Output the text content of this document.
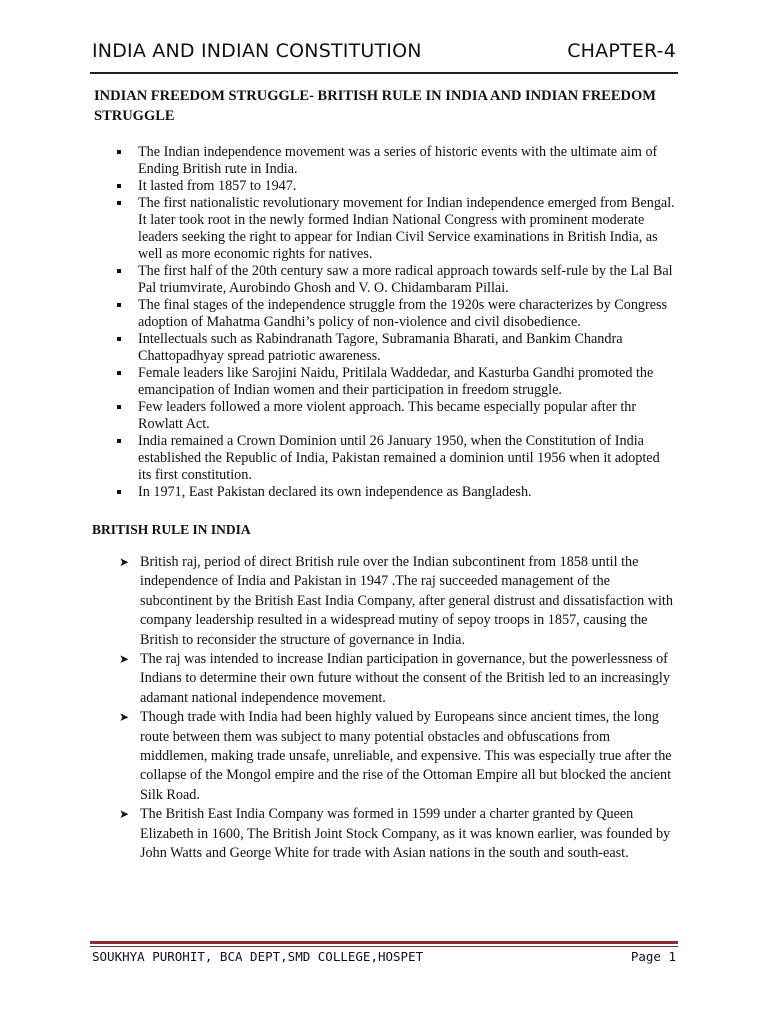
INDIA AND INDIAN CONSTITUTION	CHAPTER-4
INDIAN FREEDOM STRUGGLE- BRITISH RULE IN INDIA AND INDIAN FREEDOM STRUGGLE
The Indian independence movement was a series of historic events with the ultimate aim of Ending British rute in India.
It lasted from 1857 to 1947.
The first nationalistic revolutionary movement for Indian independence emerged from Bengal. It later took root in the newly formed Indian National Congress with prominent moderate leaders seeking the right to appear for Indian Civil Service examinations in British India, as well as more economic rights for natives.
The first half of the 20th century saw a more radical approach towards self-rule by the Lal Bal Pal triumvirate, Aurobindo Ghosh and V. O. Chidambaram Pillai.
The final stages of the independence struggle from the 1920s were characterizes by Congress adoption of Mahatma Gandhi’s policy of non-violence and civil disobedience.
Intellectuals such as Rabindranath Tagore, Subramania Bharati, and Bankim Chandra Chattopadhyay spread patriotic awareness.
Female leaders like Sarojini Naidu, Pritilala Waddedar, and Kasturba Gandhi promoted the emancipation of Indian women and their participation in freedom struggle.
Few leaders followed a more violent approach. This became especially popular after thr Rowlatt Act.
India remained a Crown Dominion until 26 January 1950, when the Constitution of India established the Republic of India, Pakistan remained a dominion until 1956 when it adopted its first constitution.
In 1971, East Pakistan declared its own independence as Bangladesh.
BRITISH RULE IN INDIA
➤ British raj, period of direct British rule over the Indian subcontinent from 1858 until the independence of India and Pakistan in 1947 .The raj succeeded management of the subcontinent by the British East India Company, after general distrust and dissatisfaction with company leadership resulted in a widespread mutiny of sepoy troops in 1857, causing the British to reconsider the structure of governance in India.
➤ The raj was intended to increase Indian participation in governance, but the powerlessness of Indians to determine their own future without the consent of the British led to an increasingly adamant national independence movement.
➤ Though trade with India had been highly valued by Europeans since ancient times, the long route between them was subject to many potential obstacles and obfuscations from middlemen, making trade unsafe, unreliable, and expensive. This was especially true after the collapse of the Mongol empire and the rise of the Ottoman Empire all but blocked the ancient Silk Road.
➤ The British East India Company was formed in 1599 under a charter granted by Queen Elizabeth in 1600, The British Joint Stock Company, as it was known earlier, was founded by John Watts and George White for trade with Asian nations in the south and south-east.
SOUKHYA PUROHIT, BCA DEPT,SMD COLLEGE,HOSPET	Page 1
